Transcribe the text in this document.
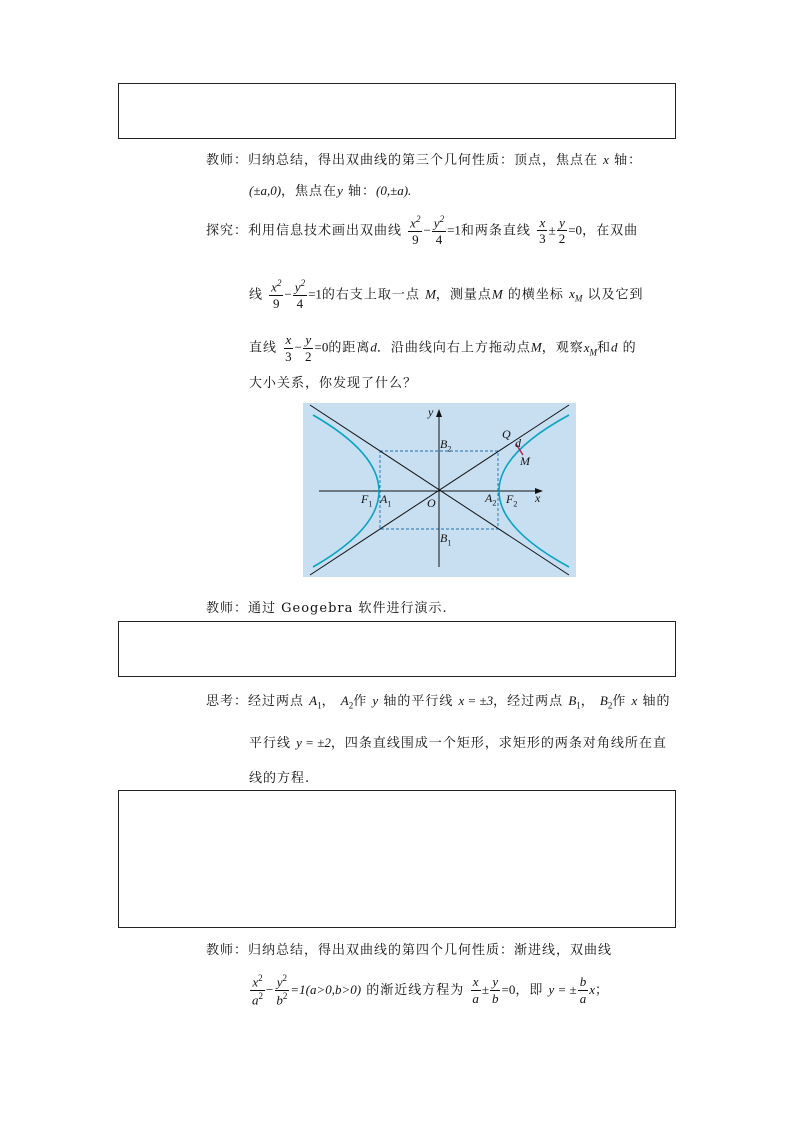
教师：归纳总结，得出双曲线的第三个几何性质：顶点，焦点在 x 轴：
(±a,0)，焦点在y 轴：(0,±a).
探究：利用信息技术画出双曲线 $\frac{x^2}{9} - \frac{y^2}{4} =1$和两条直线 $\frac{x}{3} \pm \frac{y}{2} =0$，在双曲
线 $\frac{x^2}{9} - \frac{y^2}{4} =1$的右支上取一点 M，测量点M 的横坐标 $x_M$ 以及它到
直线 $\frac{x}{3} - \frac{y}{2} =0$的距离d．沿曲线向右上方拖动点M，观察$x_M$和d 的
大小关系，你发现了什么？
y
x
O
Q
d
M
$B_2$
$B_1$
$F_1$ $A_1$	$A_2$ $F_2$
教师：通过 Geogebra 软件进行演示.
思考：经过两点 $A_1$， $A_2$作 y 轴的平行线 x = ±3，经过两点 $B_1$， $B_2$作 x 轴的
平行线 y = ±2，四条直线围成一个矩形，求矩形的两条对角线所在直
线的方程.
教师：归纳总结，得出双曲线的第四个几何性质：渐进线，双曲线
$\frac{x^2}{a^2} - \frac{y^2}{b^2} =1(a>0,b>0)$ 的渐近线方程为 $\frac{x}{a} \pm \frac{y}{b} =0$，即 y = ± $\frac{b}{a}$ x；
